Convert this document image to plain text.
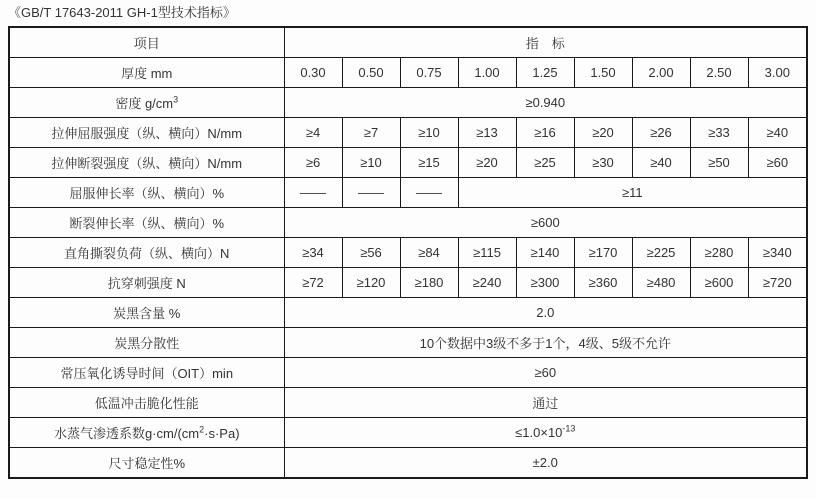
《GB/T 17643-2011 GH-1型技术指标》

项目	指　标								
厚度 mm	0.30	0.50	0.75	1.00	1.25	1.50	2.00	2.50	3.00
密度 $g/cm^3$	≥0.940								
拉伸屈服强度（纵、横向）N/mm	≥4	≥7	≥10	≥13	≥16	≥20	≥26	≥33	≥40
拉伸断裂强度（纵、横向）N/mm	≥6	≥10	≥15	≥20	≥25	≥30	≥40	≥50	≥60
屈服伸长率（纵、横向）%	——	——	——	≥11					
断裂伸长率（纵、横向）%	≥600								
直角撕裂负荷（纵、横向）N	≥34	≥56	≥84	≥115	≥140	≥170	≥225	≥280	≥340
抗穿刺强度 N	≥72	≥120	≥180	≥240	≥300	≥360	≥480	≥600	≥720
炭黑含量 %	2.0								
炭黑分散性	10个数据中3级不多于1个，4级、5级不允许								
常压氧化诱导时间（OIT）min	≥60								
低温冲击脆化性能	通过								
水蒸气渗透系数$g\cdot cm/(cm^2\cdot s\cdot Pa)$	$\le 1.0\times 10^{-13}$
尺寸稳定性%	±2.0								
